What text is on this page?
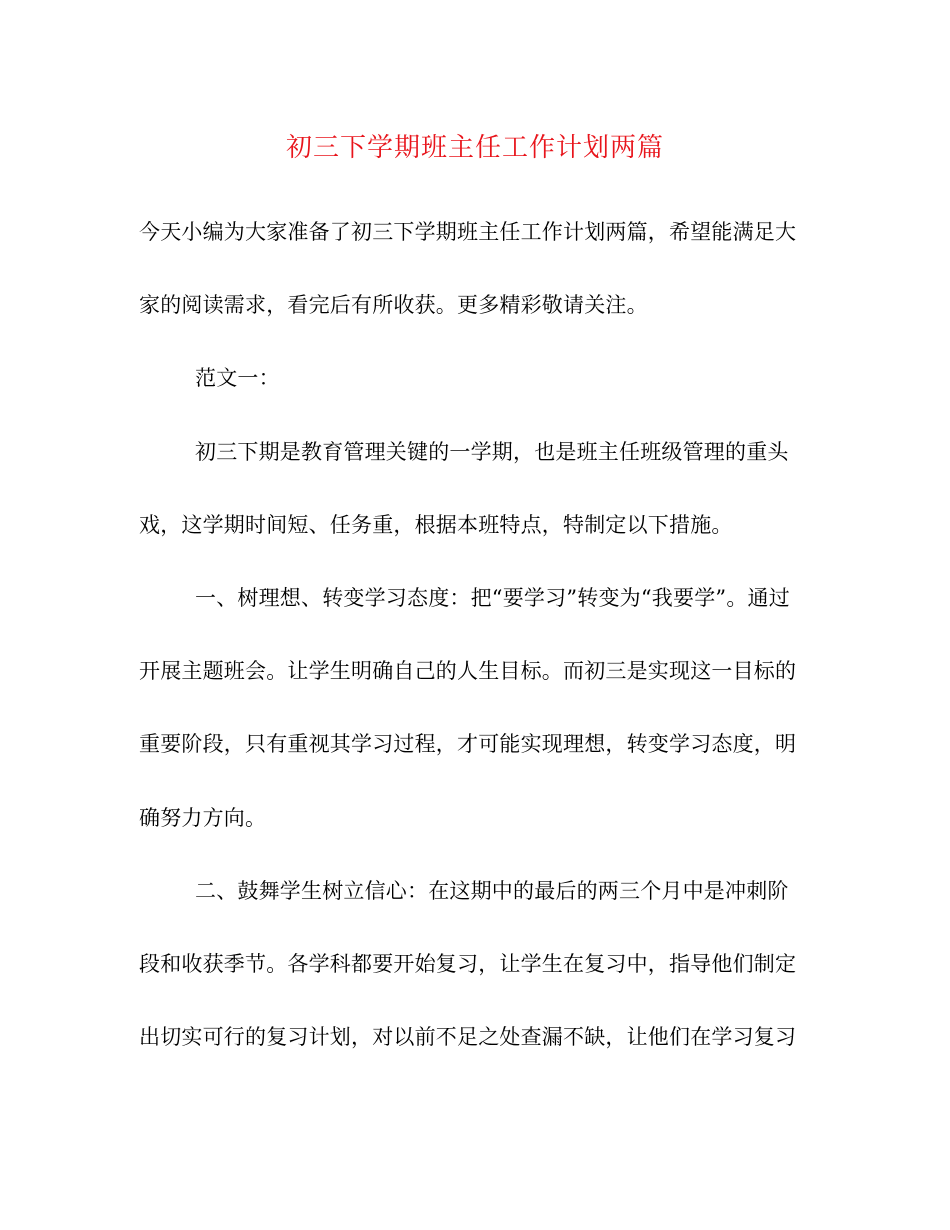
初三下学期班主任工作计划两篇
今天小编为大家准备了初三下学期班主任工作计划两篇，希望能满足大
家的阅读需求，看完后有所收获。更多精彩敬请关注。
范文一：
初三下期是教育管理关键的一学期，也是班主任班级管理的重头
戏，这学期时间短、任务重，根据本班特点，特制定以下措施。
一、树理想、转变学习态度：把“要学习”转变为“我要学”。通过
开展主题班会。让学生明确自己的人生目标。而初三是实现这一目标的
重要阶段，只有重视其学习过程，才可能实现理想，转变学习态度，明
确努力方向。
二、鼓舞学生树立信心：在这期中的最后的两三个月中是冲刺阶
段和收获季节。各学科都要开始复习，让学生在复习中，指导他们制定
出切实可行的复习计划，对以前不足之处查漏不缺，让他们在学习复习
